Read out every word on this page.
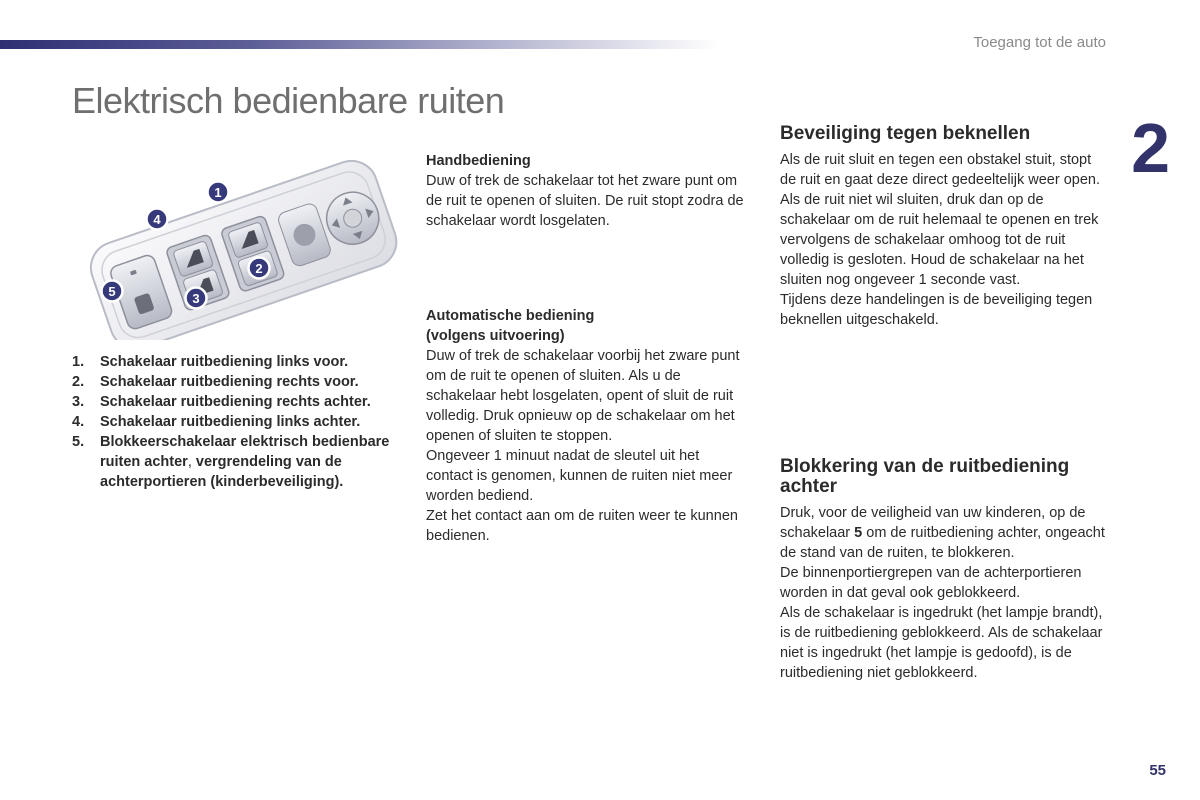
Toegang tot de auto
Elektrisch bedienbare ruiten
2
1
2
3
4
5
1.	Schakelaar ruitbediening links voor.
2.	Schakelaar ruitbediening rechts voor.
3.	Schakelaar ruitbediening rechts achter.
4.	Schakelaar ruitbediening links achter.
5.	Blokkeerschakelaar elektrisch bedienbare ruiten achter, vergrendeling van de achterportieren (kinderbeveiliging).
Handbediening

Duw of trek de schakelaar tot het zware punt om de ruit te openen of sluiten. De ruit stopt zodra de schakelaar wordt losgelaten.

Automatische bediening
(volgens uitvoering)

Duw of trek de schakelaar voorbij het zware punt om de ruit te openen of sluiten. Als u de schakelaar hebt losgelaten, opent of sluit de ruit volledig. Druk opnieuw op de schakelaar om het openen of sluiten te stoppen.

Ongeveer 1 minuut nadat de sleutel uit het contact is genomen, kunnen de ruiten niet meer worden bediend.

Zet het contact aan om de ruiten weer te kunnen bedienen.

Beveiliging tegen beknellen

Als de ruit sluit en tegen een obstakel stuit, stopt de ruit en gaat deze direct gedeeltelijk weer open.

Als de ruit niet wil sluiten, druk dan op de schakelaar om de ruit helemaal te openen en trek vervolgens de schakelaar omhoog tot de ruit volledig is gesloten. Houd de schakelaar na het sluiten nog ongeveer 1 seconde vast.

Tijdens deze handelingen is de beveiliging tegen beknellen uitgeschakeld.

Blokkering van de ruitbediening achter

Druk, voor de veiligheid van uw kinderen, op de schakelaar 5 om de ruitbediening achter, ongeacht de stand van de ruiten, te blokkeren.

De binnenportiergrepen van de achterportieren worden in dat geval ook geblokkeerd.

Als de schakelaar is ingedrukt (het lampje brandt), is de ruitbediening geblokkeerd. Als de schakelaar niet is ingedrukt (het lampje is gedoofd), is de ruitbediening niet geblokkeerd.

55
